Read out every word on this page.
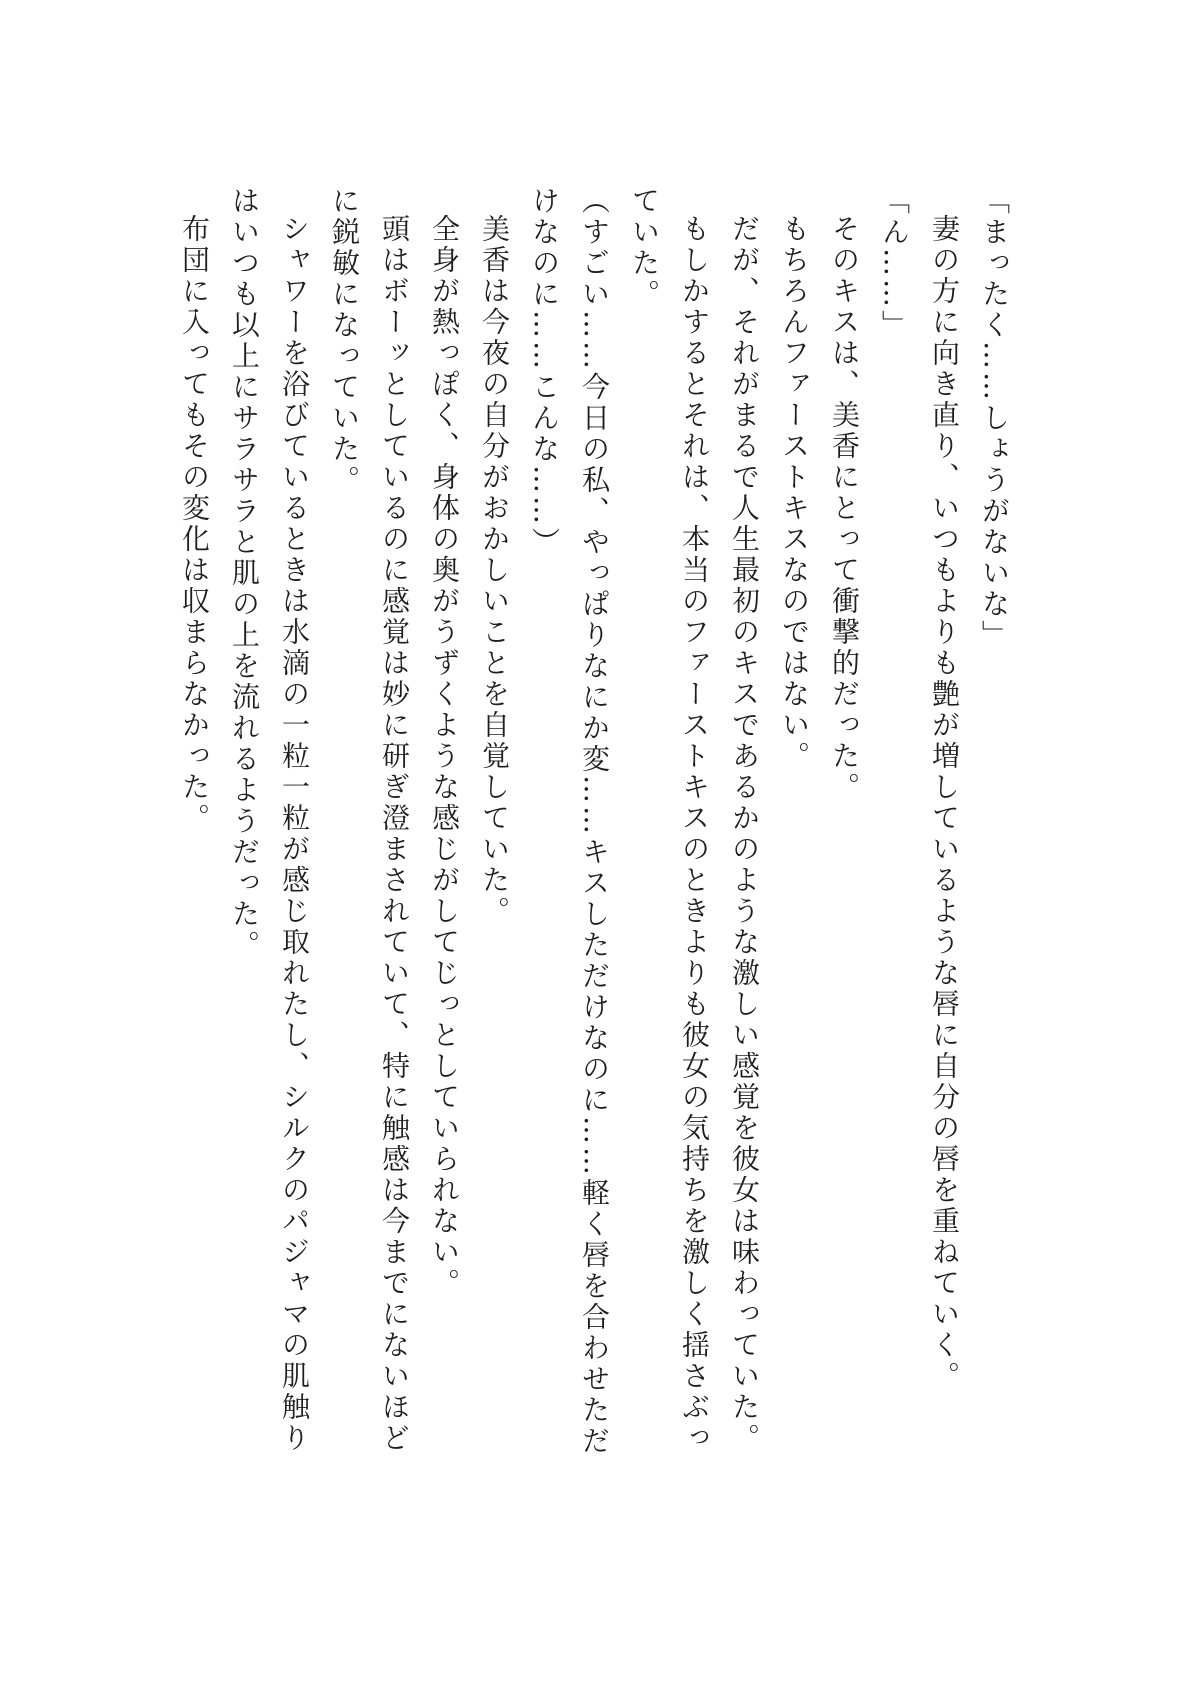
「まったく……しょうがないな」

妻の方に向き直り、いつもよりも艶が増しているような唇に自分の唇を重ねていく。

「ん……」

そのキスは、美香にとって衝撃的だった。

もちろんファーストキスなのではない。

だが、それがまるで人生最初のキスであるかのような激しい感覚を彼女は味わっていた。

もしかするとそれは、本当のファーストキスのときよりも彼女の気持ちを激しく揺さぶっていた。

（すごい……今日の私、やっぱりなにか変……キスしただけなのに……軽く唇を合わせただけなのに……こんな……）

美香は今夜の自分がおかしいことを自覚していた。

全身が熱っぽく、身体の奥がうずくような感じがしてじっとしていられない。

頭はボーッとしているのに感覚は妙に研ぎ澄まされていて、特に触感は今までにないほどに鋭敏になっていた。

シャワーを浴びているときは水滴の一粒一粒が感じ取れたし、シルクのパジャマの肌触りはいつも以上にサラサラと肌の上を流れるようだった。

布団に入ってもその変化は収まらなかった。
